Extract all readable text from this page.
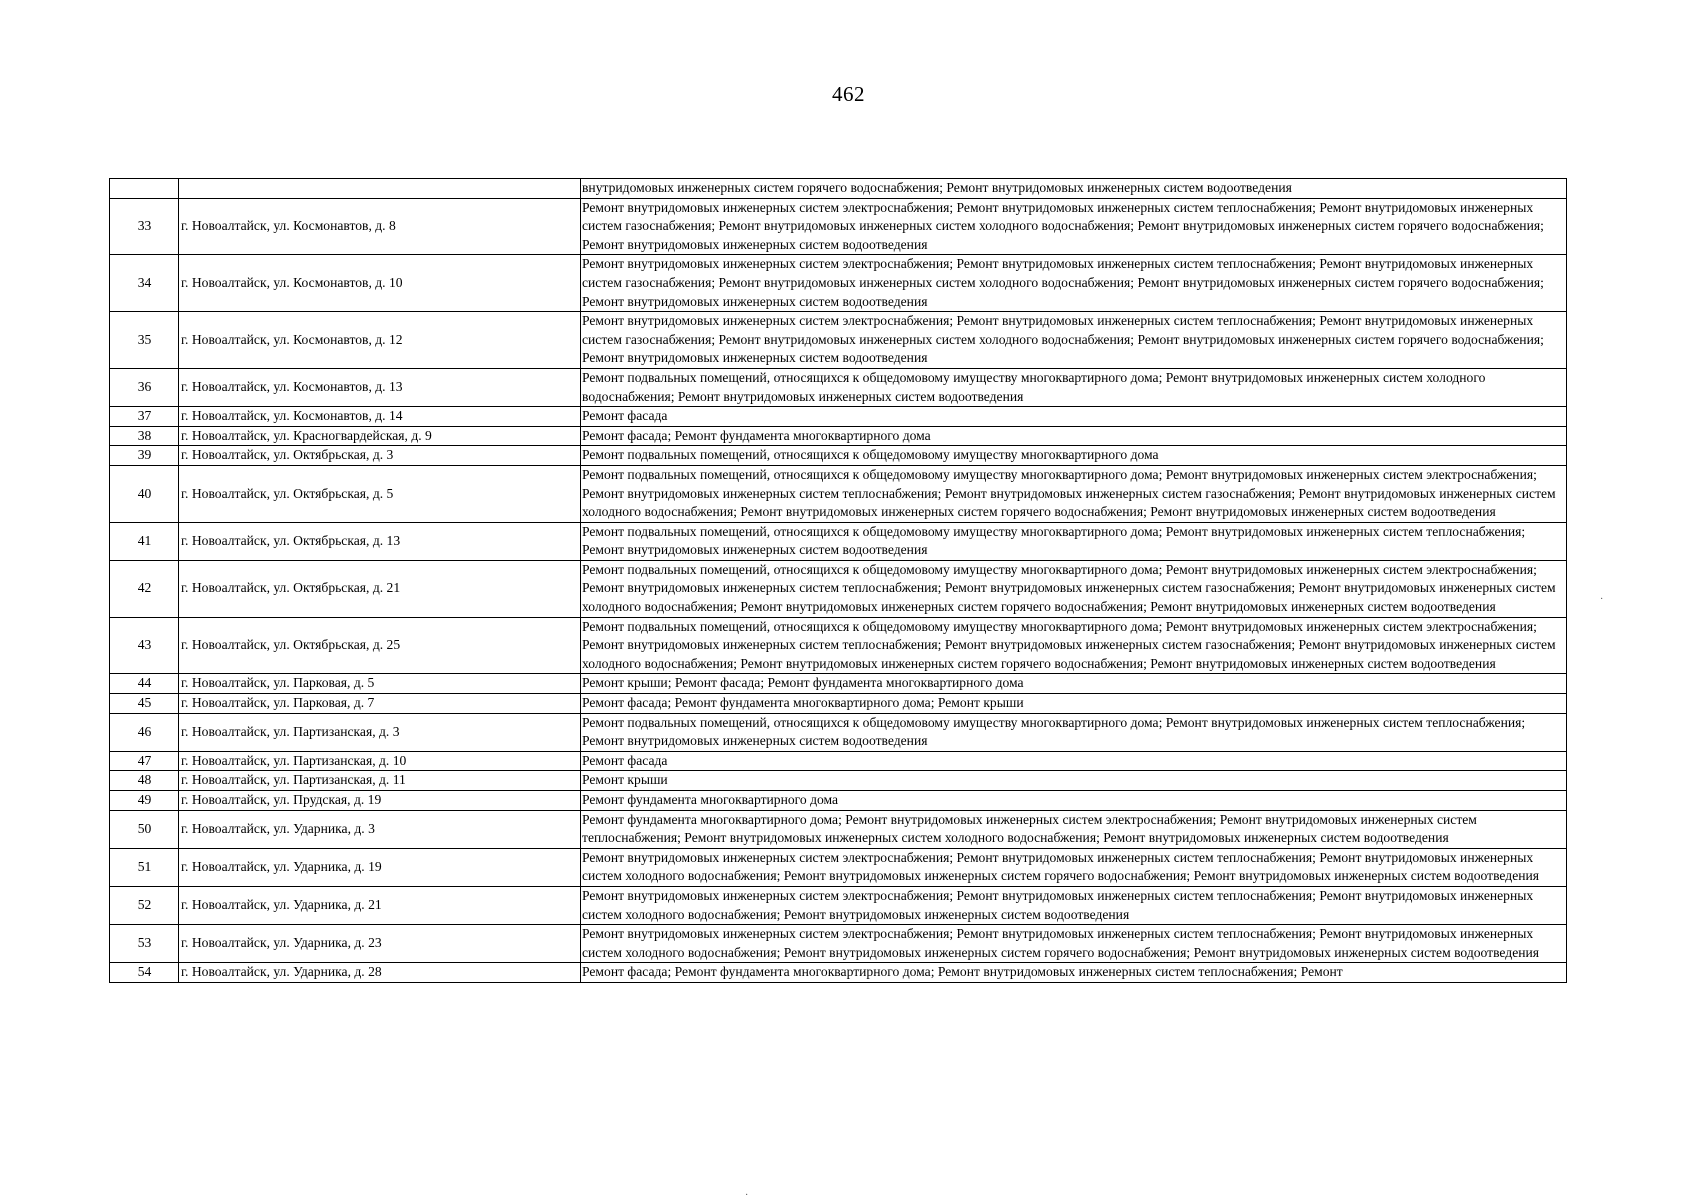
462
		внутридомовых инженерных систем горячего водоснабжения; Ремонт внутридомовых инженерных систем водоотведения
33	г. Новоалтайск, ул. Космонавтов, д. 8	Ремонт внутридомовых инженерных систем электроснабжения; Ремонт внутридомовых инженерных систем теплоснабжения; Ремонт внутридомовых инженерных систем газоснабжения; Ремонт внутридомовых инженерных систем холодного водоснабжения; Ремонт внутридомовых инженерных систем горячего водоснабжения; Ремонт внутридомовых инженерных систем водоотведения
34	г. Новоалтайск, ул. Космонавтов, д. 10	Ремонт внутридомовых инженерных систем электроснабжения; Ремонт внутридомовых инженерных систем теплоснабжения; Ремонт внутридомовых инженерных систем газоснабжения; Ремонт внутридомовых инженерных систем холодного водоснабжения; Ремонт внутридомовых инженерных систем горячего водоснабжения; Ремонт внутридомовых инженерных систем водоотведения
35	г. Новоалтайск, ул. Космонавтов, д. 12	Ремонт внутридомовых инженерных систем электроснабжения; Ремонт внутридомовых инженерных систем теплоснабжения; Ремонт внутридомовых инженерных систем газоснабжения; Ремонт внутридомовых инженерных систем холодного водоснабжения; Ремонт внутридомовых инженерных систем горячего водоснабжения; Ремонт внутридомовых инженерных систем водоотведения
36	г. Новоалтайск, ул. Космонавтов, д. 13	Ремонт подвальных помещений, относящихся к общедомовому имуществу многоквартирного дома; Ремонт внутридомовых инженерных систем холодного водоснабжения; Ремонт внутридомовых инженерных систем водоотведения
37	г. Новоалтайск, ул. Космонавтов, д. 14	Ремонт фасада
38	г. Новоалтайск, ул. Красногвардейская, д. 9	Ремонт фасада; Ремонт фундамента многоквартирного дома
39	г. Новоалтайск, ул. Октябрьская, д. 3	Ремонт подвальных помещений, относящихся к общедомовому имуществу многоквартирного дома
40	г. Новоалтайск, ул. Октябрьская, д. 5	Ремонт подвальных помещений, относящихся к общедомовому имуществу многоквартирного дома; Ремонт внутридомовых инженерных систем электроснабжения; Ремонт внутридомовых инженерных систем теплоснабжения; Ремонт внутридомовых инженерных систем газоснабжения; Ремонт внутридомовых инженерных систем холодного водоснабжения; Ремонт внутридомовых инженерных систем горячего водоснабжения; Ремонт внутридомовых инженерных систем водоотведения
41	г. Новоалтайск, ул. Октябрьская, д. 13	Ремонт подвальных помещений, относящихся к общедомовому имуществу многоквартирного дома; Ремонт внутридомовых инженерных систем теплоснабжения; Ремонт внутридомовых инженерных систем водоотведения
42	г. Новоалтайск, ул. Октябрьская, д. 21	Ремонт подвальных помещений, относящихся к общедомовому имуществу многоквартирного дома; Ремонт внутридомовых инженерных систем электроснабжения; Ремонт внутридомовых инженерных систем теплоснабжения; Ремонт внутридомовых инженерных систем газоснабжения; Ремонт внутридомовых инженерных систем холодного водоснабжения; Ремонт внутридомовых инженерных систем горячего водоснабжения; Ремонт внутридомовых инженерных систем водоотведения
43	г. Новоалтайск, ул. Октябрьская, д. 25	Ремонт подвальных помещений, относящихся к общедомовому имуществу многоквартирного дома; Ремонт внутридомовых инженерных систем электроснабжения; Ремонт внутридомовых инженерных систем теплоснабжения; Ремонт внутридомовых инженерных систем газоснабжения; Ремонт внутридомовых инженерных систем холодного водоснабжения; Ремонт внутридомовых инженерных систем горячего водоснабжения; Ремонт внутридомовых инженерных систем водоотведения
44	г. Новоалтайск, ул. Парковая, д. 5	Ремонт крыши; Ремонт фасада; Ремонт фундамента многоквартирного дома
45	г. Новоалтайск, ул. Парковая, д. 7	Ремонт фасада; Ремонт фундамента многоквартирного дома; Ремонт крыши
46	г. Новоалтайск, ул. Партизанская, д. 3	Ремонт подвальных помещений, относящихся к общедомовому имуществу многоквартирного дома; Ремонт внутридомовых инженерных систем теплоснабжения; Ремонт внутридомовых инженерных систем водоотведения
47	г. Новоалтайск, ул. Партизанская, д. 10	Ремонт фасада
48	г. Новоалтайск, ул. Партизанская, д. 11	Ремонт крыши
49	г. Новоалтайск, ул. Прудская, д. 19	Ремонт фундамента многоквартирного дома
50	г. Новоалтайск, ул. Ударника, д. 3	Ремонт фундамента многоквартирного дома; Ремонт внутридомовых инженерных систем электроснабжения; Ремонт внутридомовых инженерных систем теплоснабжения; Ремонт внутридомовых инженерных систем холодного водоснабжения; Ремонт внутридомовых инженерных систем водоотведения
51	г. Новоалтайск, ул. Ударника, д. 19	Ремонт внутридомовых инженерных систем электроснабжения; Ремонт внутридомовых инженерных систем теплоснабжения; Ремонт внутридомовых инженерных систем холодного водоснабжения; Ремонт внутридомовых инженерных систем горячего водоснабжения; Ремонт внутридомовых инженерных систем водоотведения
52	г. Новоалтайск, ул. Ударника, д. 21	Ремонт внутридомовых инженерных систем электроснабжения; Ремонт внутридомовых инженерных систем теплоснабжения; Ремонт внутридомовых инженерных систем холодного водоснабжения; Ремонт внутридомовых инженерных систем водоотведения
53	г. Новоалтайск, ул. Ударника, д. 23	Ремонт внутридомовых инженерных систем электроснабжения; Ремонт внутридомовых инженерных систем теплоснабжения; Ремонт внутридомовых инженерных систем холодного водоснабжения; Ремонт внутридомовых инженерных систем горячего водоснабжения; Ремонт внутридомовых инженерных систем водоотведения
54	г. Новоалтайск, ул. Ударника, д. 28	Ремонт фасада; Ремонт фундамента многоквартирного дома; Ремонт внутридомовых инженерных систем теплоснабжения; Ремонт
·
·
